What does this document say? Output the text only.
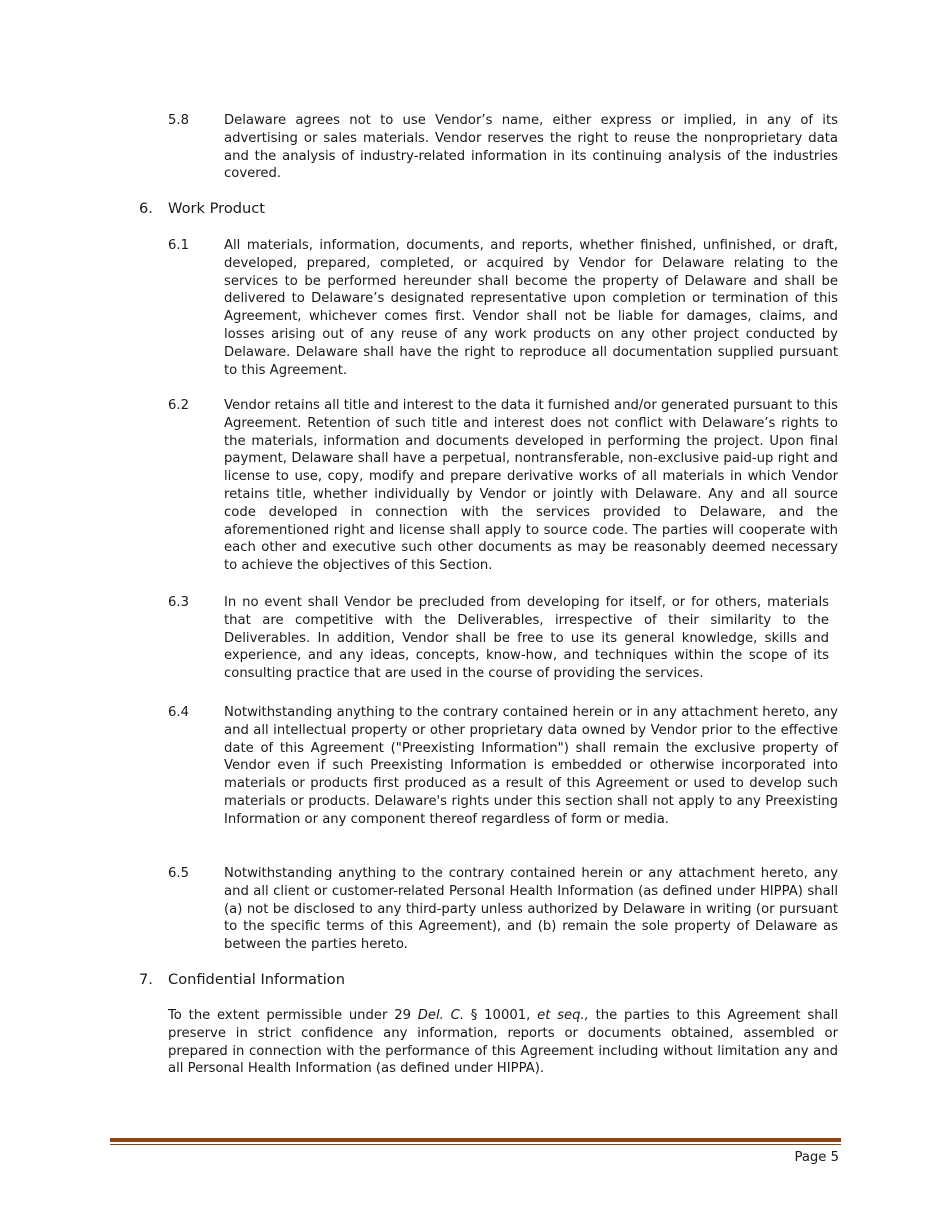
5.8	Delaware agrees not to use Vendor’s name, either express or implied, in any of its advertising or sales materials. Vendor reserves the right to reuse the nonproprietary data and the analysis of industry-related information in its continuing analysis of the industries covered.
6. Work Product
6.1	All materials, information, documents, and reports, whether finished, unfinished, or draft, developed, prepared, completed, or acquired by Vendor for Delaware relating to the services to be performed hereunder shall become the property of Delaware and shall be delivered to Delaware’s designated representative upon completion or termination of this Agreement, whichever comes first. Vendor shall not be liable for damages, claims, and losses arising out of any reuse of any work products on any other project conducted by Delaware. Delaware shall have the right to reproduce all documentation supplied pursuant to this Agreement.
6.2	Vendor retains all title and interest to the data it furnished and/or generated pursuant to this Agreement. Retention of such title and interest does not conflict with Delaware’s rights to the materials, information and documents developed in performing the project. Upon final payment, Delaware shall have a perpetual, nontransferable, non-exclusive paid-up right and license to use, copy, modify and prepare derivative works of all materials in which Vendor retains title, whether individually by Vendor or jointly with Delaware. Any and all source code developed in connection with the services provided to Delaware, and the aforementioned right and license shall apply to source code. The parties will cooperate with each other and executive such other documents as may be reasonably deemed necessary to achieve the objectives of this Section.
6.3	In no event shall Vendor be precluded from developing for itself, or for others, materials that are competitive with the Deliverables, irrespective of their similarity to the Deliverables. In addition, Vendor shall be free to use its general knowledge, skills and experience, and any ideas, concepts, know-how, and techniques within the scope of its consulting practice that are used in the course of providing the services.
6.4	Notwithstanding anything to the contrary contained herein or in any attachment hereto, any and all intellectual property or other proprietary data owned by Vendor prior to the effective date of this Agreement ("Preexisting Information") shall remain the exclusive property of Vendor even if such Preexisting Information is embedded or otherwise incorporated into materials or products first produced as a result of this Agreement or used to develop such materials or products. Delaware's rights under this section shall not apply to any Preexisting Information or any component thereof regardless of form or media.
6.5	Notwithstanding anything to the contrary contained herein or any attachment hereto, any and all client or customer-related Personal Health Information (as defined under HIPPA) shall (a) not be disclosed to any third-party unless authorized by Delaware in writing (or pursuant to the specific terms of this Agreement), and (b) remain the sole property of Delaware as between the parties hereto.
7. Confidential Information
To the extent permissible under 29 Del. C. § 10001, et seq., the parties to this Agreement shall preserve in strict confidence any information, reports or documents obtained, assembled or prepared in connection with the performance of this Agreement including without limitation any and all Personal Health Information (as defined under HIPPA).
Page 5
